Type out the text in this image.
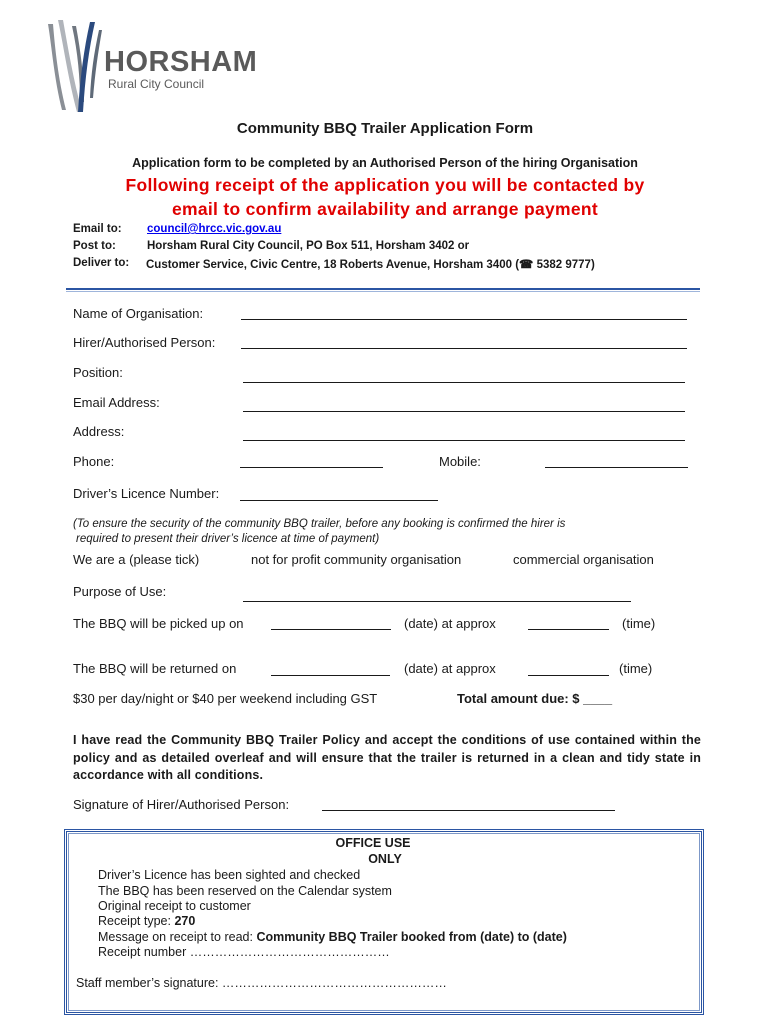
HORSHAM
Rural City Council
Community BBQ Trailer Application Form
Application form to be completed by an Authorised Person of the hiring Organisation
Following receipt of the application you will be contacted by
email to confirm availability and arrange payment
Email to: council@hrcc.vic.gov.au
Post to:	Horsham Rural City Council, PO Box 511, Horsham 3402 or
Deliver to: Customer Service, Civic Centre, 18 Roberts Avenue, Horsham 3400 (☎ 5382 9777)
Name of Organisation:
Hirer/Authorised Person:
Position:
Email Address:
Address:
Phone:	Mobile:
Driver’s Licence Number:
(To ensure the security of the community BBQ trailer, before any booking is confirmed the hirer is
required to present their driver’s licence at time of payment)
We are a (please tick)	not for profit community organisation	commercial organisation
Purpose of Use:
The BBQ will be picked up on	(date) at approx	(time)
The BBQ will be returned on	(date) at approx	(time)
$30 per day/night or $40 per weekend including GST	Total amount due: $ ____
I have read the Community BBQ Trailer Policy and accept the conditions of use contained within the policy and as detailed overleaf and will ensure that the trailer is returned in a clean and tidy state in accordance with all conditions.
Signature of Hirer/Authorised Person:
OFFICE USE
ONLY
Driver’s Licence has been sighted and checked
The BBQ has been reserved on the Calendar system
Original receipt to customer
Receipt type: 270
Message on receipt to read: Community BBQ Trailer booked from (date) to (date)
Receipt number …………………………………………
Staff member’s signature: ………………………………………………
